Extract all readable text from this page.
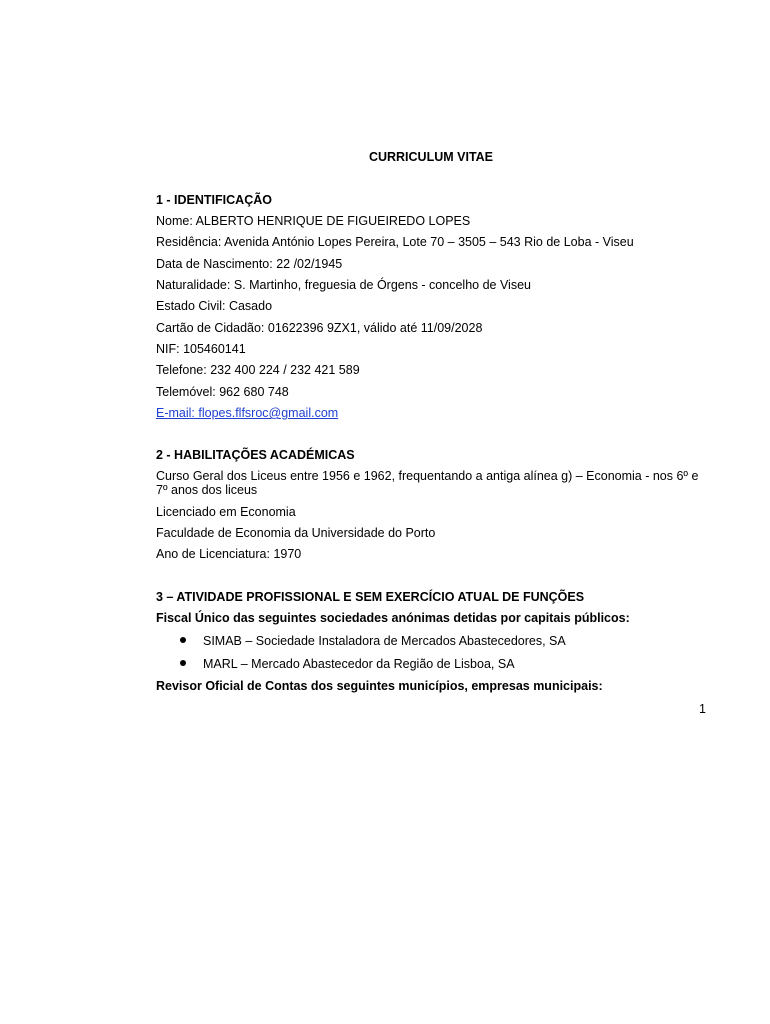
CURRICULUM VITAE
1 - IDENTIFICAÇÃO
Nome: ALBERTO HENRIQUE DE FIGUEIREDO LOPES
Residência: Avenida António Lopes Pereira, Lote 70 – 3505 – 543 Rio de Loba - Viseu
Data de Nascimento: 22 /02/1945
Naturalidade: S. Martinho, freguesia de Órgens - concelho de Viseu
Estado Civil: Casado
Cartão de Cidadão: 01622396 9ZX1, válido até 11/09/2028
NIF: 105460141
Telefone: 232 400 224 / 232 421 589
Telemóvel: 962 680 748
E-mail: flopes.flfsroc@gmail.com
2 - HABILITAÇÕES ACADÉMICAS
Curso Geral dos Liceus entre 1956 e 1962, frequentando a antiga alínea g) – Economia - nos 6º e 7º anos dos liceus
Licenciado em Economia
Faculdade de Economia da Universidade do Porto
Ano de Licenciatura: 1970
3 – ATIVIDADE PROFISSIONAL E SEM EXERCÍCIO ATUAL DE FUNÇÕES
Fiscal Único das seguintes sociedades anónimas detidas por capitais públicos:
SIMAB – Sociedade Instaladora de Mercados Abastecedores, SA
MARL – Mercado Abastecedor da Região de Lisboa, SA
Revisor Oficial de Contas dos seguintes municípios, empresas municipais:
1
